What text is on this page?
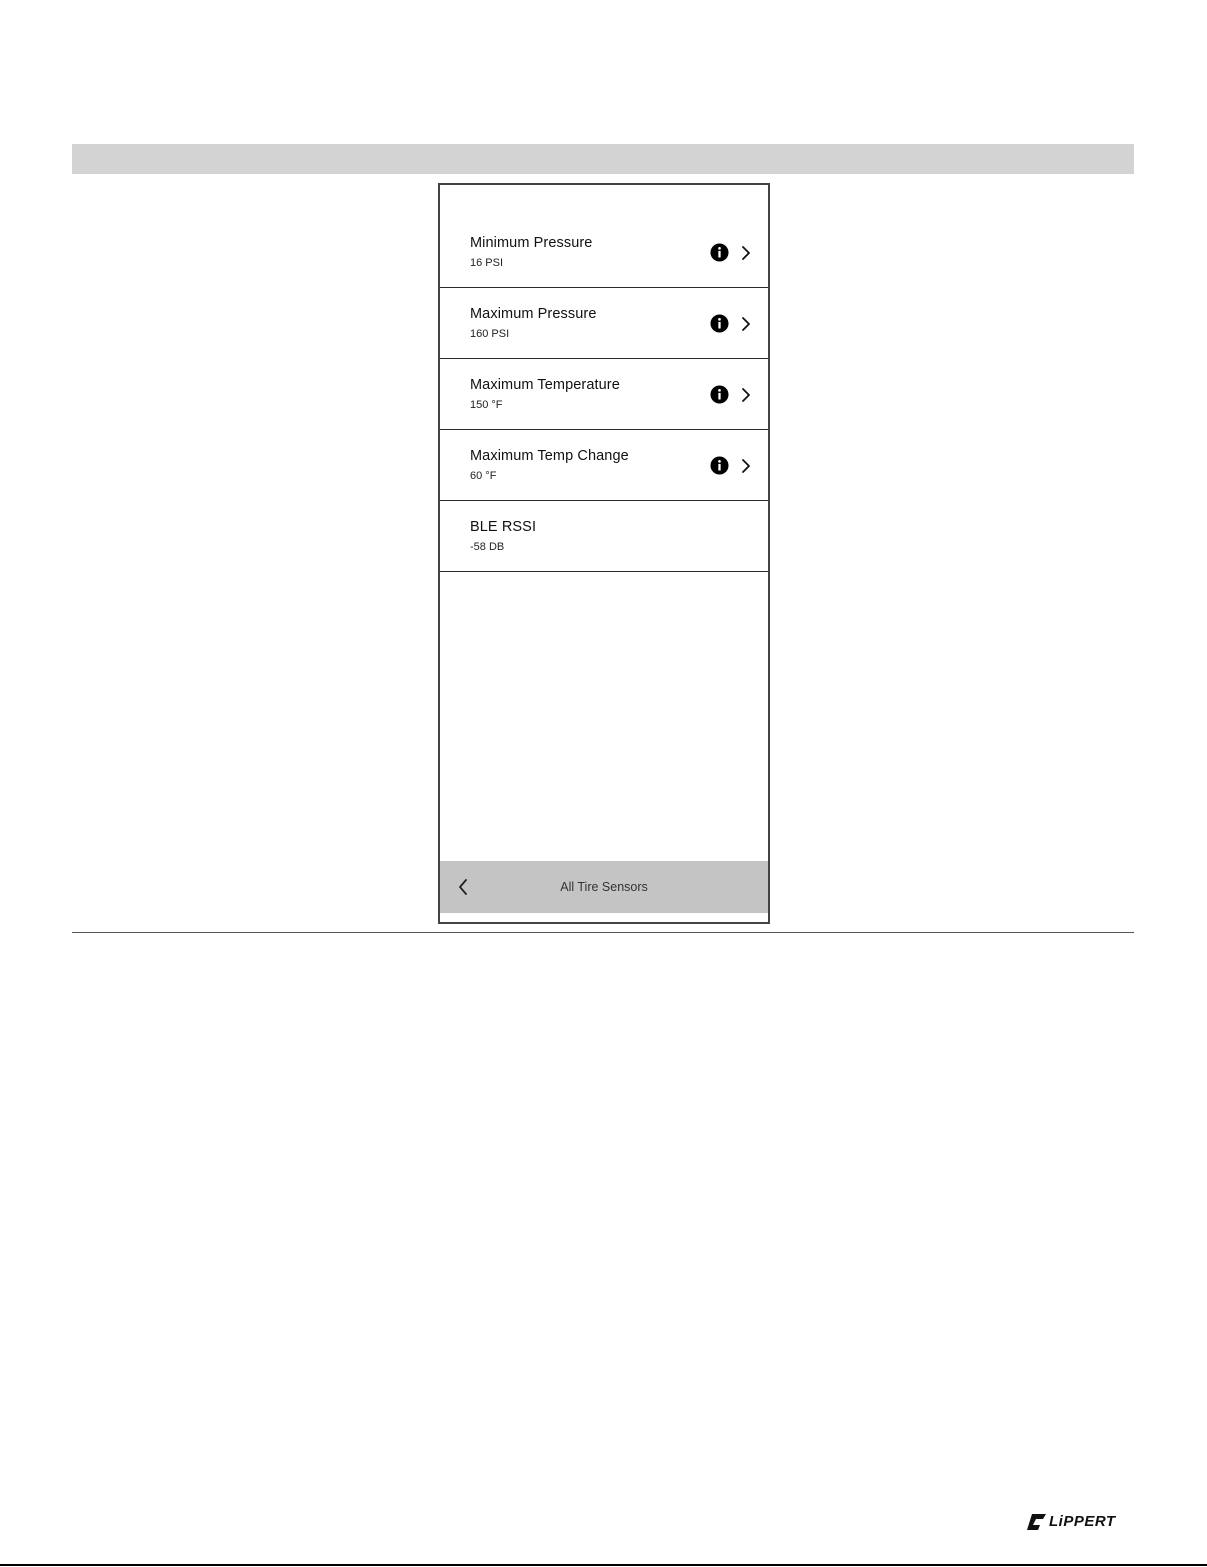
Minimum Pressure
16 PSI
Maximum Pressure
160 PSI
Maximum Temperature
150 °F
Maximum Temp Change
60 °F
BLE RSSI
-58 DB
All Tire Sensors
LiPPERT
